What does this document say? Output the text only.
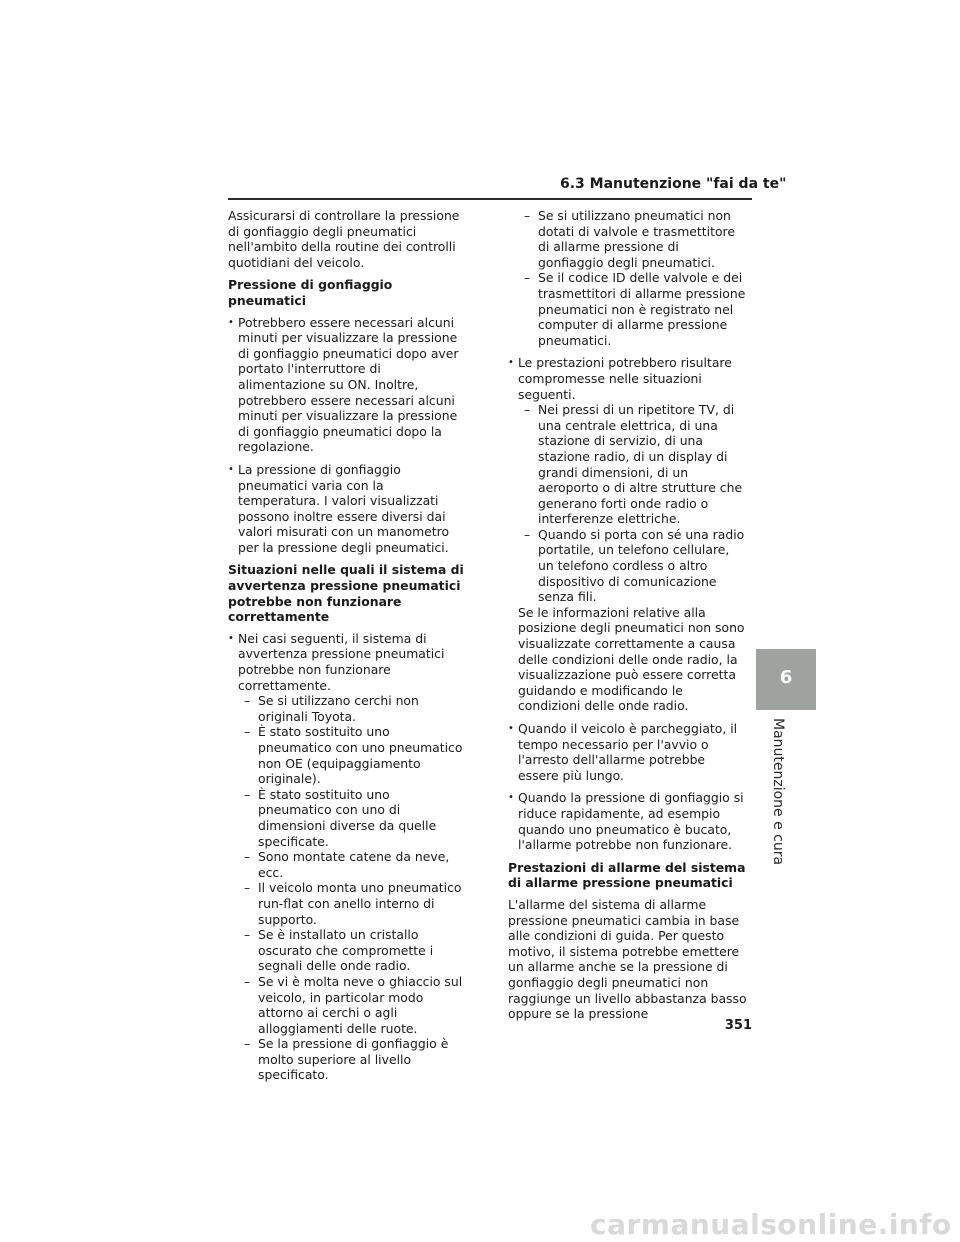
6.3 Manutenzione "fai da te"

Assicurarsi di controllare la pressione di gonfiaggio degli pneumatici nell'ambito della routine dei controlli quotidiani del veicolo.

Pressione di gonfiaggio pneumatici
• Potrebbero essere necessari alcuni minuti per visualizzare la pressione di gonfiaggio pneumatici dopo aver portato l'interruttore di alimentazione su ON. Inoltre, potrebbero essere necessari alcuni minuti per visualizzare la pressione di gonfiaggio pneumatici dopo la regolazione.
• La pressione di gonfiaggio pneumatici varia con la temperatura. I valori visualizzati possono inoltre essere diversi dai valori misurati con un manometro per la pressione degli pneumatici.
Situazioni nelle quali il sistema di avvertenza pressione pneumatici potrebbe non funzionare correttamente
• Nei casi seguenti, il sistema di avvertenza pressione pneumatici potrebbe non funzionare correttamente.
– Se si utilizzano cerchi non originali Toyota.
– È stato sostituito uno pneumatico con uno pneumatico non OE (equipaggiamento originale).
– È stato sostituito uno pneumatico con uno di dimensioni diverse da quelle specificate.
– Sono montate catene da neve, ecc.
– Il veicolo monta uno pneumatico run-flat con anello interno di supporto.
– Se è installato un cristallo oscurato che compromette i segnali delle onde radio.
– Se vi è molta neve o ghiaccio sul veicolo, in particolar modo attorno ai cerchi o agli alloggiamenti delle ruote.
– Se la pressione di gonfiaggio è molto superiore al livello specificato.
– Se si utilizzano pneumatici non dotati di valvole e trasmettitore di allarme pressione di gonfiaggio degli pneumatici.
– Se il codice ID delle valvole e dei trasmettitori di allarme pressione pneumatici non è registrato nel computer di allarme pressione pneumatici.
• Le prestazioni potrebbero risultare compromesse nelle situazioni seguenti.
– Nei pressi di un ripetitore TV, di una centrale elettrica, di una stazione di servizio, di una stazione radio, di un display di grandi dimensioni, di un aeroporto o di altre strutture che generano forti onde radio o interferenze elettriche.
– Quando si porta con sé una radio portatile, un telefono cellulare, un telefono cordless o altro dispositivo di comunicazione senza fili.

Se le informazioni relative alla posizione degli pneumatici non sono visualizzate correttamente a causa delle condizioni delle onde radio, la visualizzazione può essere corretta guidando e modificando le condizioni delle onde radio.

• Quando il veicolo è parcheggiato, il tempo necessario per l'avvio o l'arresto dell'allarme potrebbe essere più lungo.
• Quando la pressione di gonfiaggio si riduce rapidamente, ad esempio quando uno pneumatico è bucato, l'allarme potrebbe non funzionare.
Prestazioni di allarme del sistema di allarme pressione pneumatici

L'allarme del sistema di allarme pressione pneumatici cambia in base alle condizioni di guida. Per questo motivo, il sistema potrebbe emettere un allarme anche se la pressione di gonfiaggio degli pneumatici non raggiunge un livello abbastanza basso oppure se la pressione

6
Manutenzione e cura
351
carmanualsonline.info
